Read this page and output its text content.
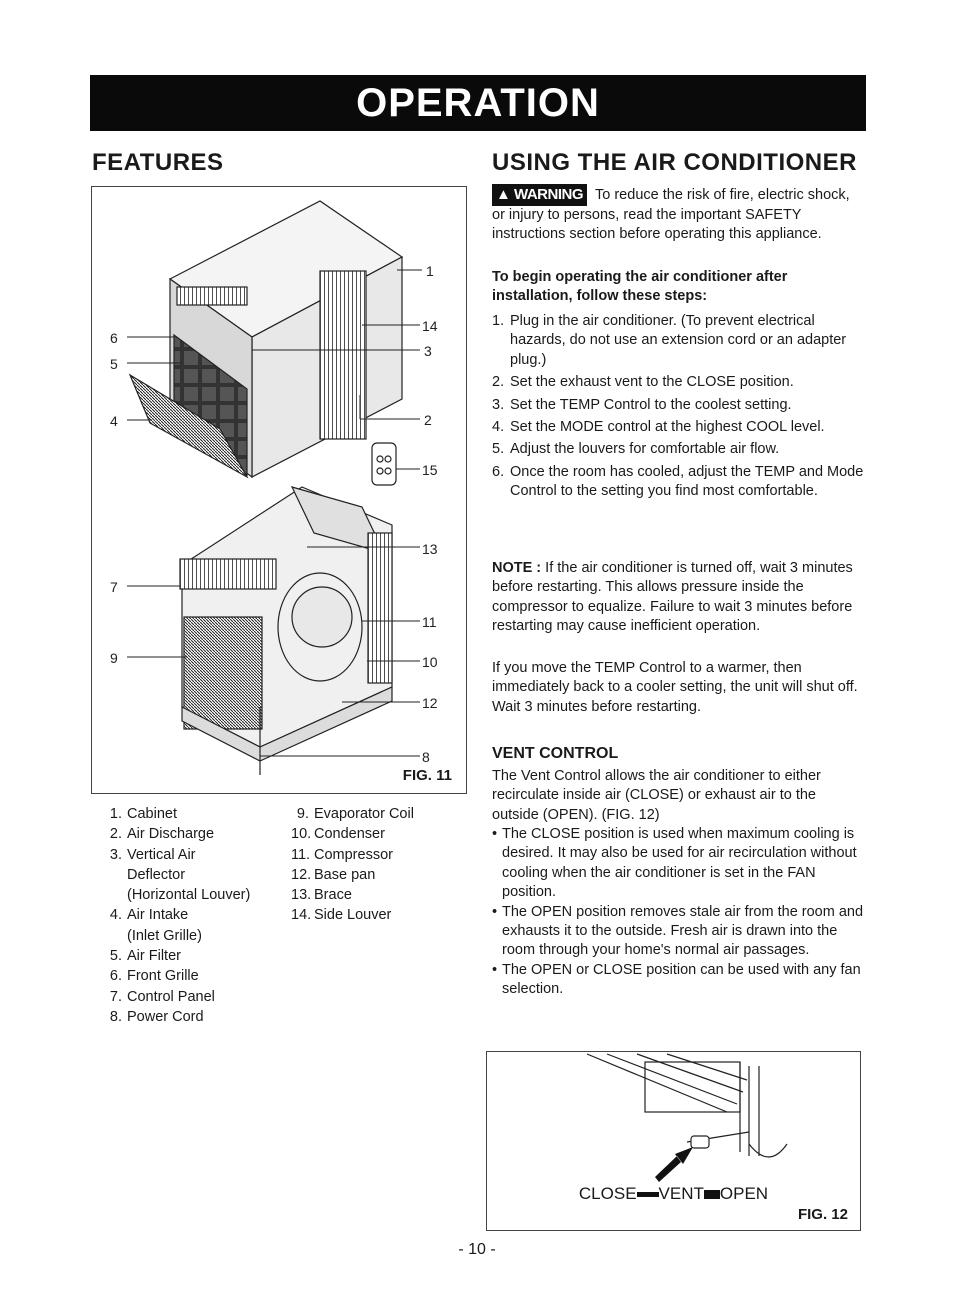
OPERATION
FEATURES
1
14
3
2
15
13
11
10
12
8
6
5
4
7
9
FIG. 11
1. Cabinet
2. Air Discharge
3. Vertical Air
Deflector
(Horizontal Louver)
4. Air Intake
(Inlet Grille)
5. Air Filter
6. Front Grille
7. Control Panel
8. Power Cord
9. Evaporator Coil
10. Condenser
11. Compressor
12. Base pan
13. Brace
14. Side Louver
USING THE AIR CONDITIONER
▲ WARNING To reduce the risk of fire, electric shock, or injury to persons, read the important SAFETY instructions section before operating this appliance.
To begin operating the air conditioner after installation, follow these steps:
1. Plug in the air conditioner. (To prevent electrical hazards, do not use an extension cord or an adapter plug.)
2. Set the exhaust vent to the CLOSE position.
3. Set the TEMP Control to the coolest setting.
4. Set the MODE control at the highest COOL level.
5. Adjust the louvers for comfortable air flow.
6. Once the room has cooled, adjust the TEMP and Mode Control to the setting you find most comfortable.
NOTE : If the air conditioner is turned off, wait 3 minutes before restarting. This allows pressure inside the compressor to equalize. Failure to wait 3 minutes before restarting may cause inefficient operation.
If you move the TEMP Control to a warmer, then immediately back to a cooler setting, the unit will shut off. Wait 3 minutes before restarting.
VENT CONTROL
The Vent Control allows the air conditioner to either recirculate inside air (CLOSE) or exhaust air to the outside (OPEN). (FIG. 12)
• The CLOSE position is used when maximum cooling is desired. It may also be used for air recirculation without cooling when the air conditioner is set in the FAN position.
• The OPEN position removes stale air from the room and exhausts it to the outside. Fresh air is drawn into the room through your home's normal air passages.
• The OPEN or CLOSE position can be used with any fan selection.
CLOSE VENT OPEN
FIG. 12
- 10 -
